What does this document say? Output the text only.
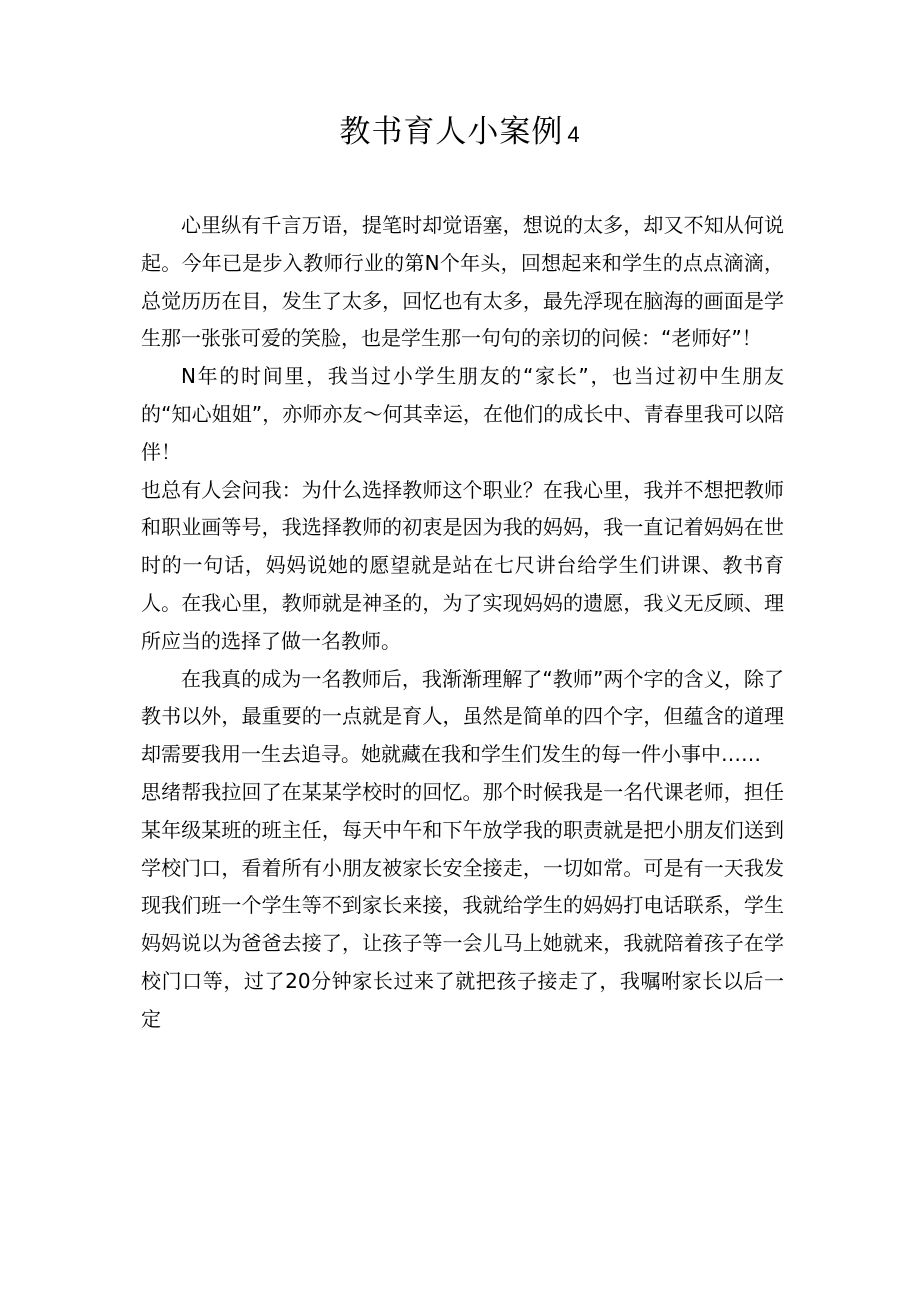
教书育人小案例 4

心里纵有千言万语，提笔时却觉语塞，想说的太多，却又不知从何说起。今年已是步入教师行业的第N个年头，回想起来和学生的点点滴滴，总觉历历在目，发生了太多，回忆也有太多，最先浮现在脑海的画面是学生那一张张可爱的笑脸，也是学生那一句句的亲切的问候：“老师好”！

N年的时间里，我当过小学生朋友的“家长”，也当过初中生朋友的“知心姐姐”，亦师亦友～何其幸运，在他们的成长中、青春里我可以陪伴！

也总有人会问我：为什么选择教师这个职业？在我心里，我并不想把教师和职业画等号，我选择教师的初衷是因为我的妈妈，我一直记着妈妈在世时的一句话，妈妈说她的愿望就是站在七尺讲台给学生们讲课、教书育人。在我心里，教师就是神圣的，为了实现妈妈的遗愿，我义无反顾、理所应当的选择了做一名教师。

在我真的成为一名教师后，我渐渐理解了“教师”两个字的含义，除了教书以外，最重要的一点就是育人，虽然是简单的四个字，但蕴含的道理却需要我用一生去追寻。她就藏在我和学生们发生的每一件小事中……

思绪帮我拉回了在某某学校时的回忆。那个时候我是一名代课老师，担任某年级某班的班主任，每天中午和下午放学我的职责就是把小朋友们送到学校门口，看着所有小朋友被家长安全接走，一切如常。可是有一天我发现我们班一个学生等不到家长来接，我就给学生的妈妈打电话联系，学生妈妈说以为爸爸去接了，让孩子等一会儿马上她就来，我就陪着孩子在学校门口等，过了20分钟家长过来了就把孩子接走了，我嘱咐家长以后一定
